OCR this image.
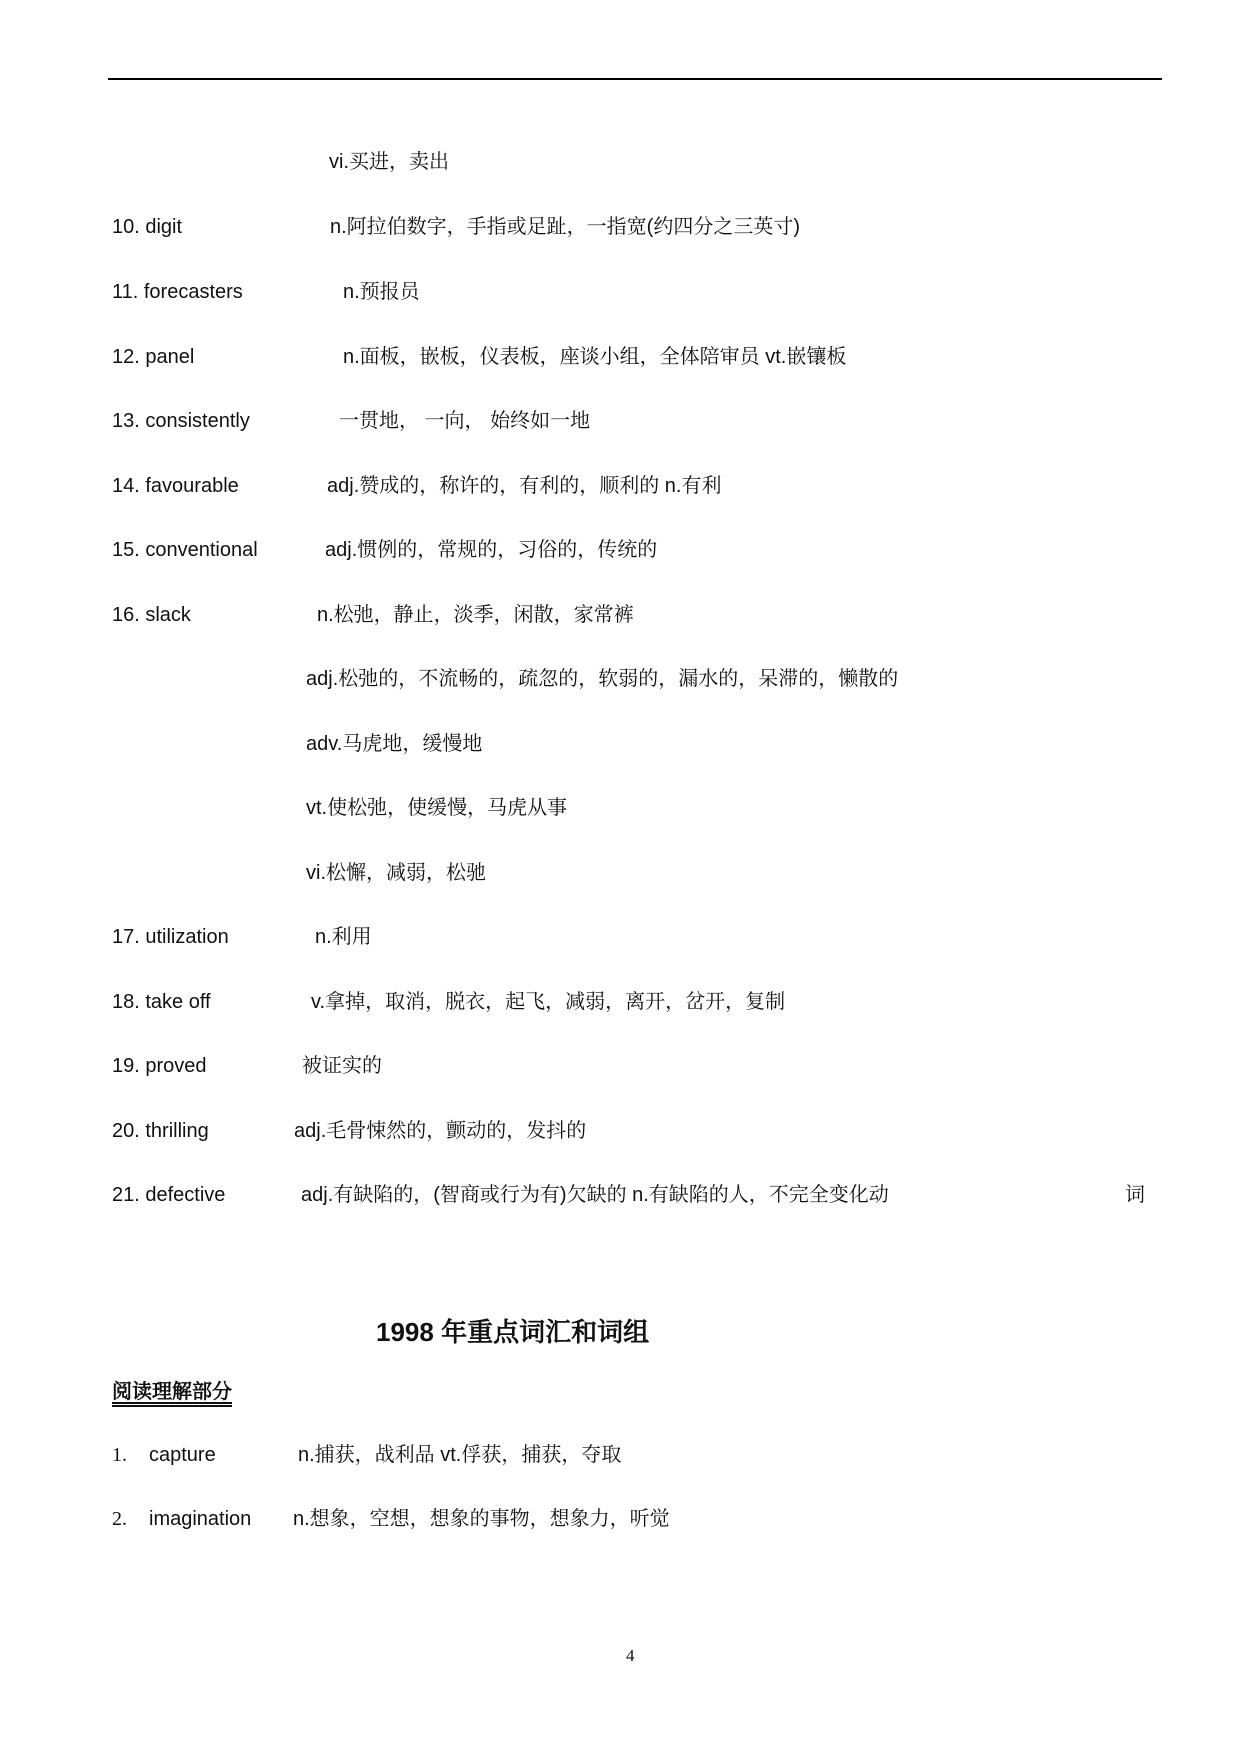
vi.买进，卖出
10. digit	n.阿拉伯数字，手指或足趾，一指宽(约四分之三英寸)
11. forecasters	n.预报员
12. panel	n.面板，嵌板，仪表板，座谈小组，全体陪审员 vt.嵌镶板
13. consistently	一贯地， 一向， 始终如一地
14. favourable	adj.赞成的，称许的，有利的，顺利的 n.有利
15. conventional	adj.惯例的，常规的，习俗的，传统的
16. slack	n.松弛，静止，淡季，闲散，家常裤
adj.松弛的，不流畅的，疏忽的，软弱的，漏水的，呆滞的，懒散的
adv.马虎地，缓慢地
vt.使松弛，使缓慢，马虎从事
vi.松懈，减弱，松驰
17. utilization	n.利用
18. take off	v.拿掉，取消，脱衣，起飞，减弱，离开，岔开，复制
19. proved	被证实的
20. thrilling	adj.毛骨悚然的，颤动的，发抖的
21. defective	adj.有缺陷的，(智商或行为有)欠缺的 n.有缺陷的人，不完全变化动	词
1998 年重点词汇和词组
阅读理解部分
1. capture	n.捕获，战利品 vt.俘获，捕获，夺取
2. imagination n.想象，空想，想象的事物，想象力，听觉
4
